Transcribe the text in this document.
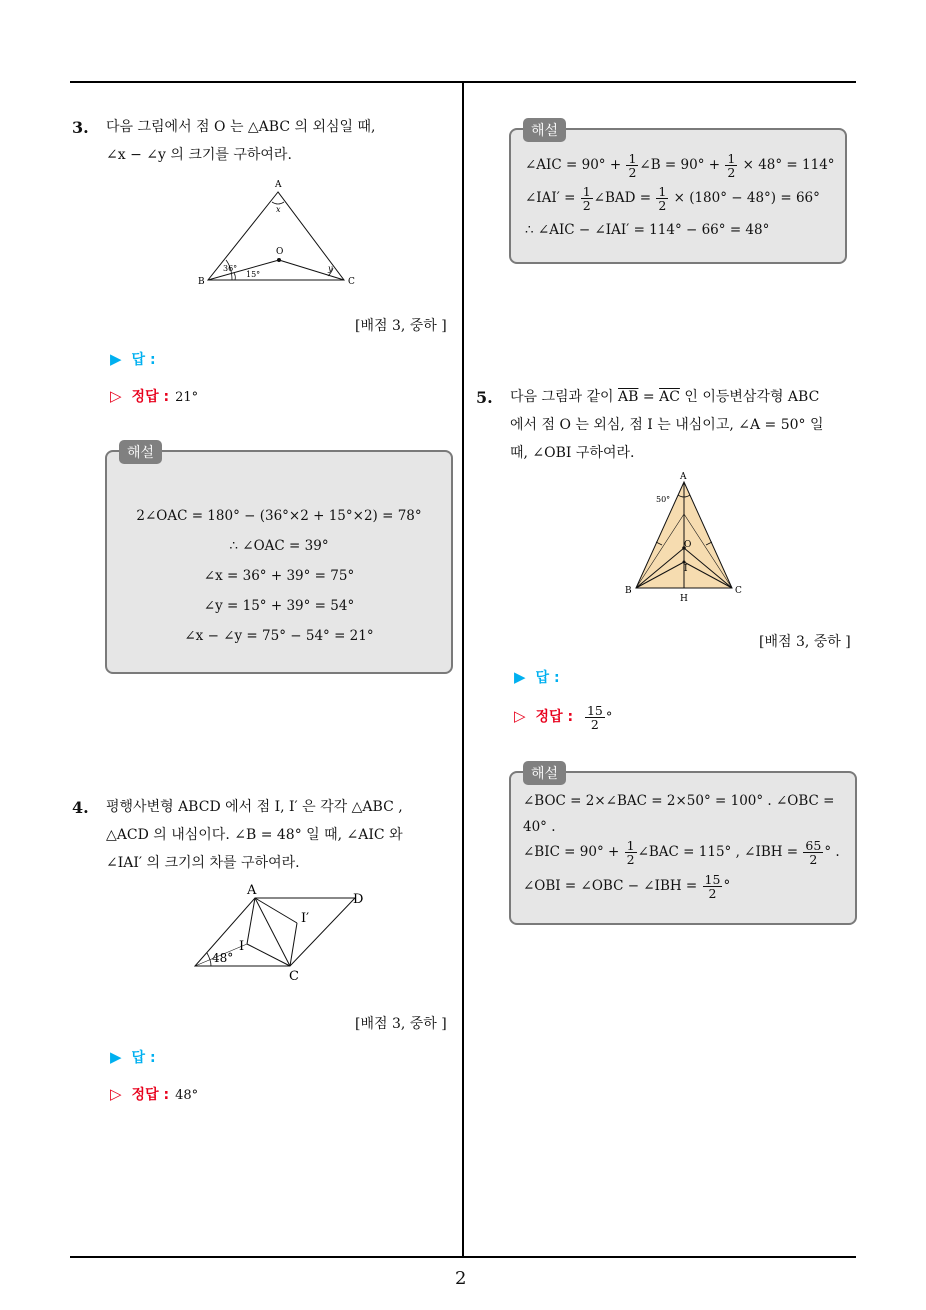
2
3. 다음 그림에서 점 O 는 △ABC 의 외심일 때,
∠x − ∠y 의 크기를 구하여라.
A
B	C
O
x
y
36°
15°
[배점 3, 중하 ]
▶ 답 :
▷ 정답 : 21°
해설
2∠OAC = 180° − (36°×2 + 15°×2) = 78°
∴ ∠OAC = 39°
∠x = 36° + 39° = 75°
∠y = 15° + 39° = 54°
∠x − ∠y = 75° − 54° = 21°
4. 평행사변형 ABCD 에서 점 I, I′ 은 각각 △ABC ,
△ACD 의 내심이다. ∠B = 48° 일 때, ∠AIC 와
∠IAI′ 의 크기의 차를 구하여라.
A
D
C
I
I′
48°
[배점 3, 중하 ]
▶ 답 :
▷ 정답 : 48°
해설
∠AIC = $90^\circ + \frac{1}{2}$ ∠B = $90^\circ + \frac{1}{2} \times 48^\circ = 114^\circ$
∠IAI′ = $\frac{1}{2}$ ∠BAD = $\frac{1}{2} \times (180^\circ - 48^\circ) = 66^\circ$
∴ ∠AIC − ∠IAI′ = 114° − 66° = 48°
5. 다음 그림과 같이 $\overline{AB} = \overline{AC}$ 인 이등변삼각형 ABC
에서 점 O 는 외심, 점 I 는 내심이고, ∠A = 50° 일
때, ∠OBI 구하여라.
A
B	C
H
O
I
50°
[배점 3, 중하 ]
▶ 답 :
▷ 정답 : $\frac{15}{2}$ °
해설
∠BOC = 2×∠BAC = 2×50° = 100° . ∠OBC =
40° .
∠BIC = $90^\circ + \frac{1}{2}$ ∠BAC = 115° , ∠IBH = $\frac{65}{2}$ ° .
∠OBI = ∠OBC − ∠IBH = $\frac{15}{2}$ °
